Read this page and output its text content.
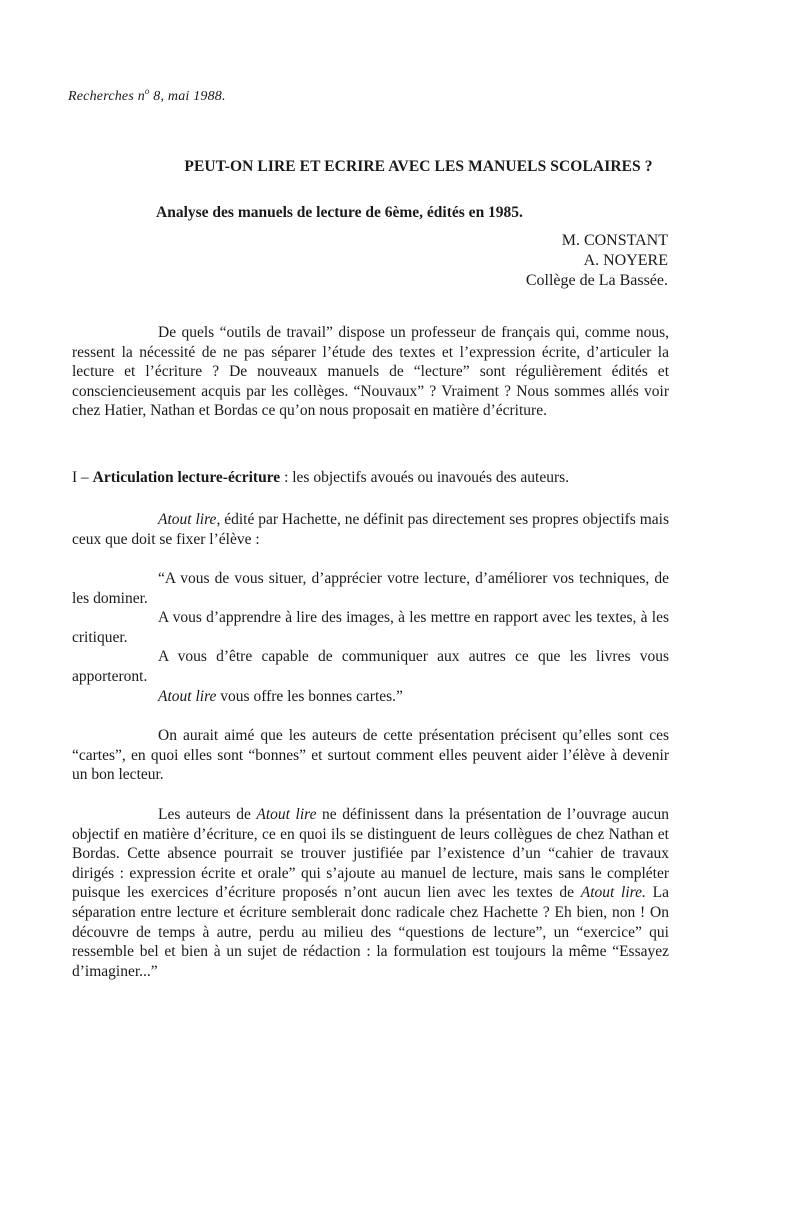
Recherches $n^o$ 8, mai 1988.
PEUT-ON LIRE ET ECRIRE AVEC LES MANUELS SCOLAIRES ?
Analyse des manuels de lecture de 6ème, édités en 1985.
M. CONSTANT
A. NOYERE
Collège de La Bassée.

De quels “outils de travail” dispose un professeur de français qui, comme nous, ressent la nécessité de ne pas séparer l’étude des textes et l’expression écrite, d’articuler la lecture et l’écriture ? De nouveaux manuels de “lecture” sont régulièrement édités et consciencieusement acquis par les collèges. “Nouvaux” ? Vraiment ? Nous sommes allés voir chez Hatier, Nathan et Bordas ce qu’on nous proposait en matière d’écriture.

I – Articulation lecture-écriture : les objectifs avoués ou inavoués des auteurs.

Atout lire, édité par Hachette, ne définit pas directement ses propres objectifs mais ceux que doit se fixer l’élève :

“A vous de vous situer, d’apprécier votre lecture, d’améliorer vos techniques, de les dominer.
A vous d’apprendre à lire des images, à les mettre en rapport avec les textes, à les critiquer.
A vous d’être capable de communiquer aux autres ce que les livres vous apporteront.
Atout lire vous offre les bonnes cartes.”

On aurait aimé que les auteurs de cette présentation précisent qu’elles sont ces “cartes”, en quoi elles sont “bonnes” et surtout comment elles peuvent aider l’élève à devenir un bon lecteur.

Les auteurs de Atout lire ne définissent dans la présentation de l’ouvrage aucun objectif en matière d’écriture, ce en quoi ils se distinguent de leurs collègues de chez Nathan et Bordas. Cette absence pourrait se trouver justifiée par l’existence d’un “cahier de travaux dirigés : expression écrite et orale” qui s’ajoute au manuel de lecture, mais sans le compléter puisque les exercices d’écriture proposés n’ont aucun lien avec les textes de Atout lire. La séparation entre lecture et écriture semblerait donc radicale chez Hachette ? Eh bien, non ! On découvre de temps à autre, perdu au milieu des “questions de lecture”, un “exercice” qui ressemble bel et bien à un sujet de rédaction : la formulation est toujours la même “Essayez d’imaginer...”
